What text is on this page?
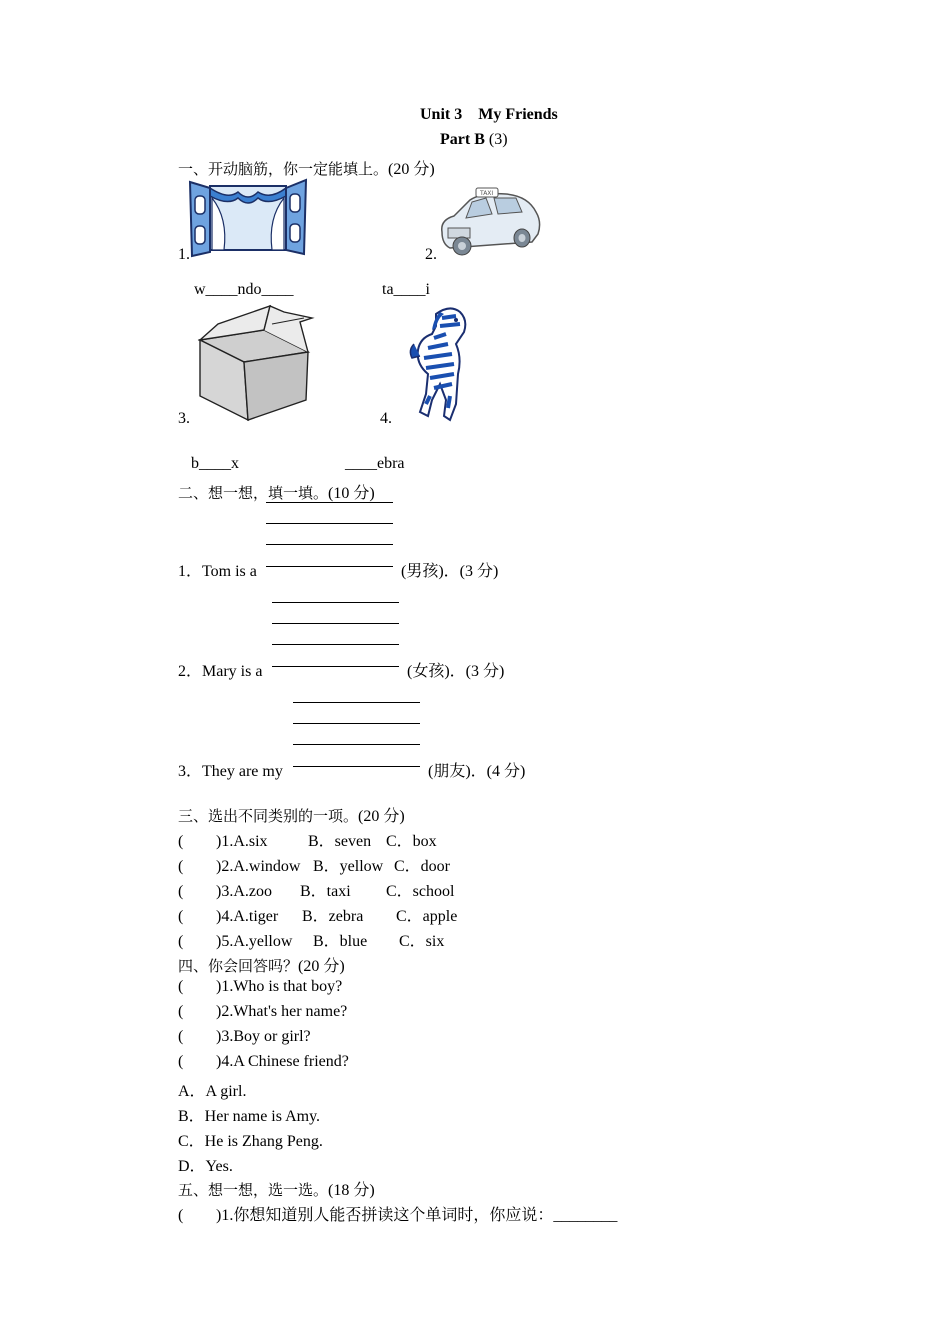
Unit 3    My Friends
Part B (3)
一、开动脑筋，你一定能填上。(20 分)
1.
TAXI
2.
w____ndo____	ta____i
3.	4.
b____x	____ebra
二、想一想，填一填。(10 分)
1．Tom is a	(男孩)．(3 分)
2．Mary is a	(女孩)．(3 分)
3．They are my	(朋友)．(4 分)
三、选出不同类别的一项。(20 分)
( )1.A.six	B．seven C．box
( )2.A.window B．yellow C．door
( )3.A.zoo B．taxi C．school
( )4.A.tiger B．zebra C．apple
( )5.A.yellow B．blue C．six
四、你会回答吗？(20 分)
( )1.Who is that boy?
( )2.What's her name?
( )3.Boy or girl?
( )4.A Chinese friend?
A．A girl.
B．Her name is Amy.
C．He is Zhang Peng.
D．Yes.
五、想一想，选一选。(18 分)
( )1.你想知道别人能否拼读这个单词时，你应说：________
